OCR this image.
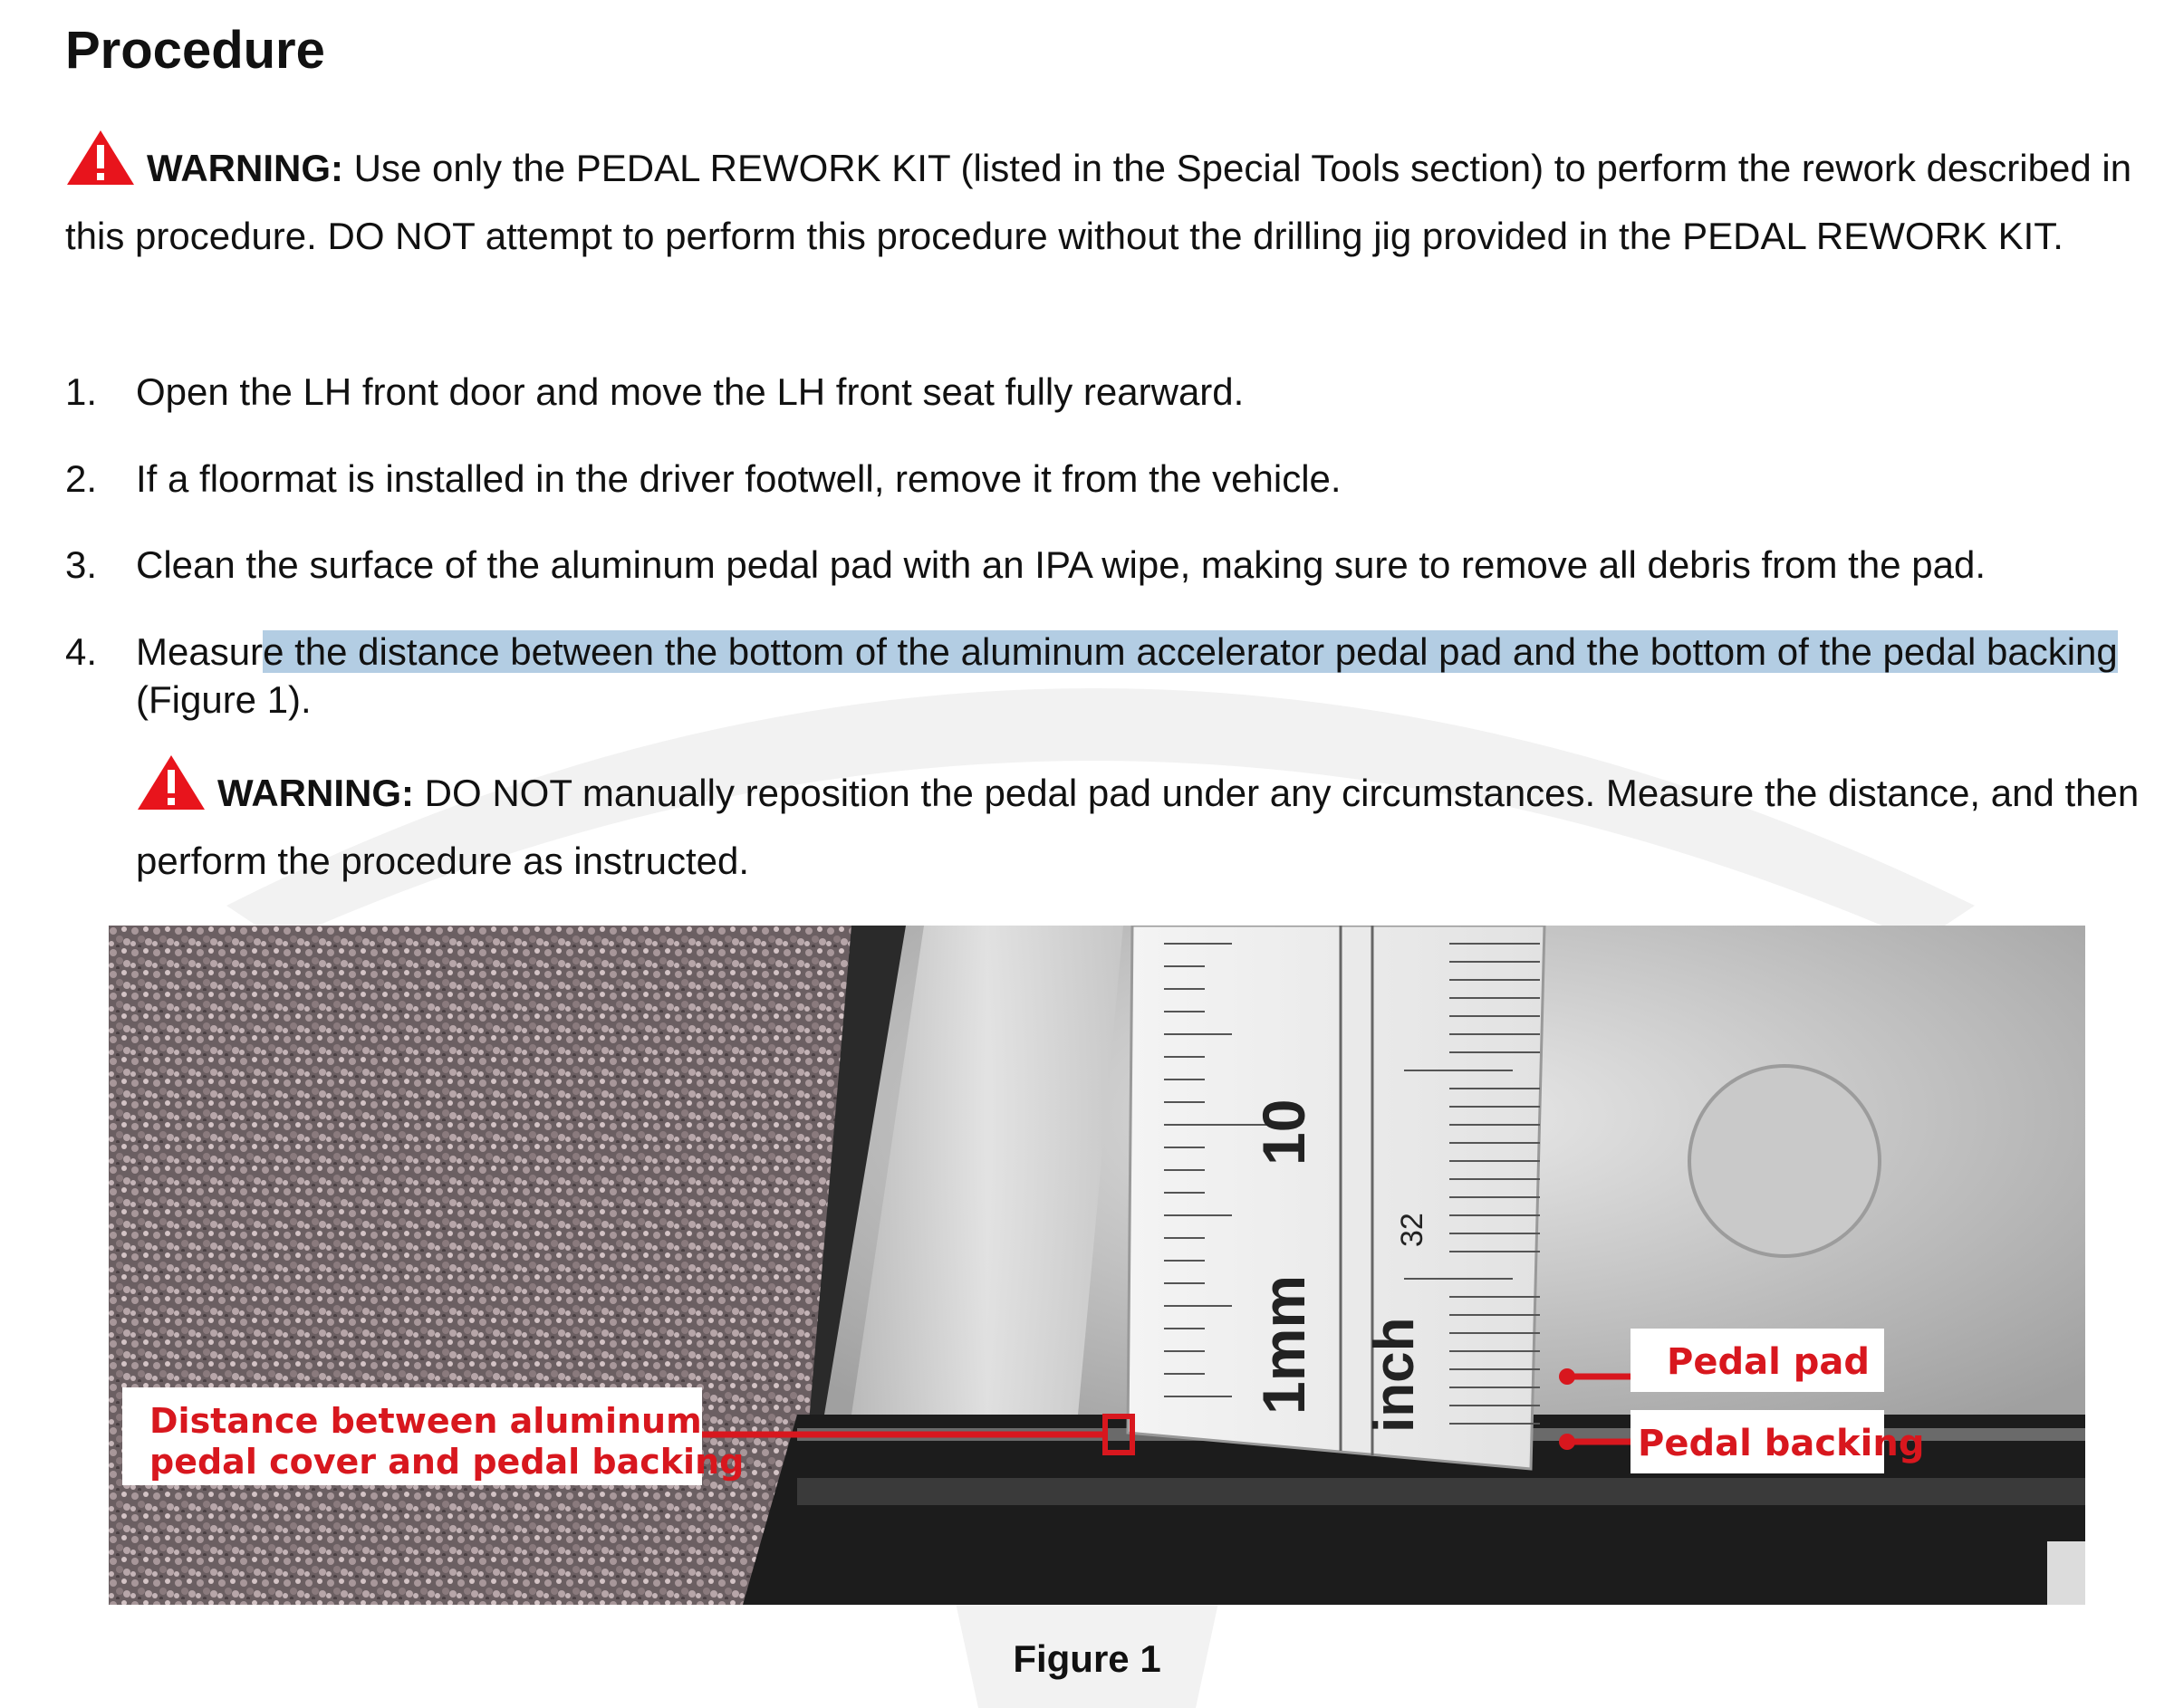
Procedure

WARNING: Use only the PEDAL REWORK KIT (listed in the Special Tools section) to perform the rework described in this procedure. DO NOT attempt to perform this procedure without the drilling jig provided in the PEDAL REWORK KIT.

1. Open the LH front door and move the LH front seat fully rearward.
2. If a floormat is installed in the driver footwell, remove it from the vehicle.
3. Clean the surface of the aluminum pedal pad with an IPA wipe, making sure to remove all debris from the pad.
4. Measure the distance between the bottom of the aluminum accelerator pedal pad and the bottom of the pedal backing (Figure 1).

WARNING: DO NOT manually reposition the pedal pad under any circumstances. Measure the distance, and then perform the procedure as instructed.

1mm
10
inch
32
Distance between aluminum
pedal cover and pedal backing
Pedal pad
Pedal backing
Figure 1
